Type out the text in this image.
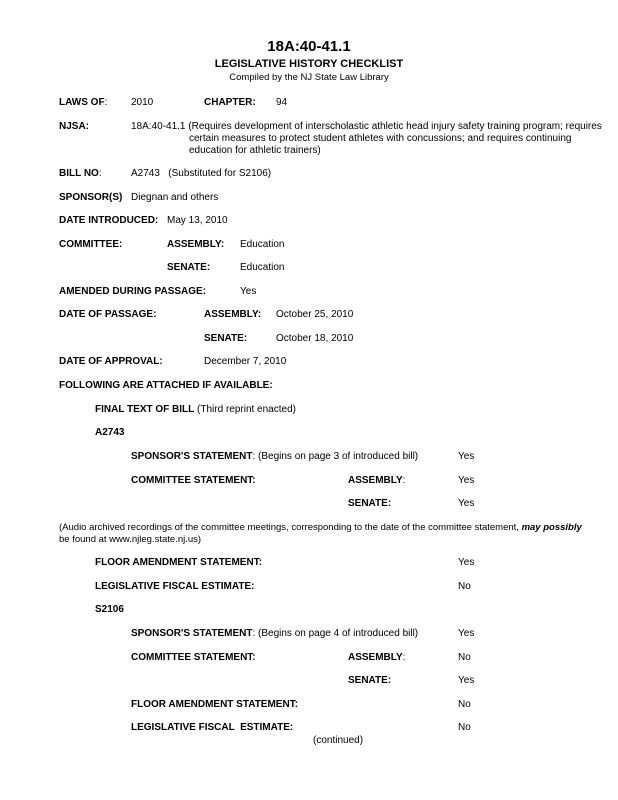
18A:40-41.1
LEGISLATIVE HISTORY CHECKLIST
Compiled by the NJ State Law Library
LAWS OF: 2010	CHAPTER: 94
NJSA:	18A:40-41.1 (Requires development of interscholastic athletic head injury safety training program; requires
certain measures to protect student athletes with concussions; and requires continuing
education for athletic trainers)
BILL NO:	A2743   (Substituted for S2106)
SPONSOR(S) Diegnan and others
DATE INTRODUCED: May 13, 2010
COMMITTEE:	ASSEMBLY: Education
SENATE:	Education
AMENDED DURING PASSAGE:	Yes
DATE OF PASSAGE:	ASSEMBLY: October 25, 2010
SENATE:	October 18, 2010
DATE OF APPROVAL:	December 7, 2010
FOLLOWING ARE ATTACHED IF AVAILABLE:
FINAL TEXT OF BILL (Third reprint enacted)
A2743
SPONSOR'S STATEMENT: (Begins on page 3 of introduced bill)	Yes
COMMITTEE STATEMENT:	ASSEMBLY:	Yes
SENATE:	Yes
(Audio archived recordings of the committee meetings, corresponding to the date of the committee statement, may possibly
be found at www.njleg.state.nj.us)
FLOOR AMENDMENT STATEMENT:	Yes
LEGISLATIVE FISCAL ESTIMATE:	No
S2106
SPONSOR'S STATEMENT: (Begins on page 4 of introduced bill)	Yes
COMMITTEE STATEMENT:	ASSEMBLY:	No
SENATE:	Yes
FLOOR AMENDMENT STATEMENT:	No
LEGISLATIVE FISCAL  ESTIMATE:	No
(continued)
